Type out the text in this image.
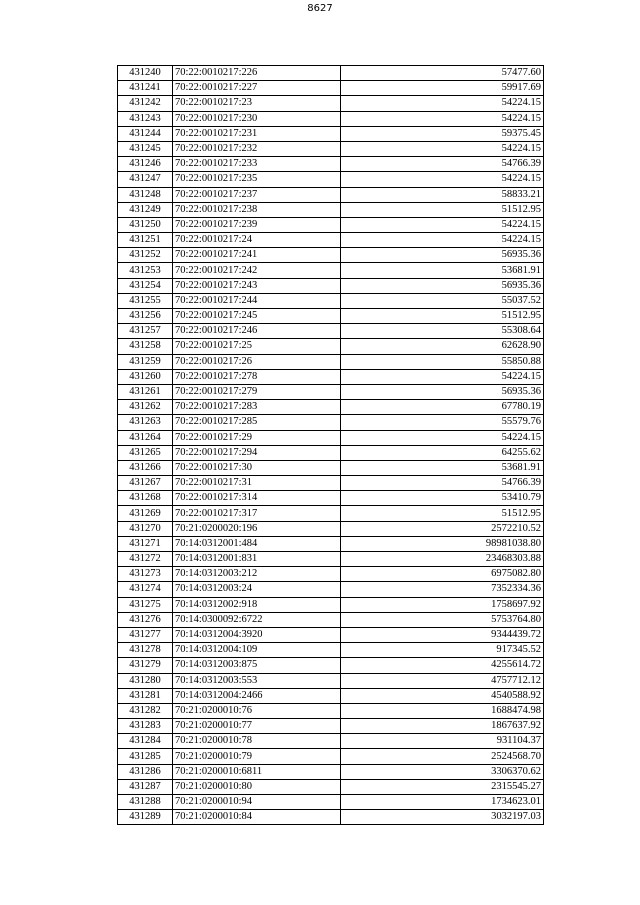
8627
431240	70:22:0010217:226	57477.60
431241	70:22:0010217:227	59917.69
431242	70:22:0010217:23	54224.15
431243	70:22:0010217:230	54224.15
431244	70:22:0010217:231	59375.45
431245	70:22:0010217:232	54224.15
431246	70:22:0010217:233	54766.39
431247	70:22:0010217:235	54224.15
431248	70:22:0010217:237	58833.21
431249	70:22:0010217:238	51512.95
431250	70:22:0010217:239	54224.15
431251	70:22:0010217:24	54224.15
431252	70:22:0010217:241	56935.36
431253	70:22:0010217:242	53681.91
431254	70:22:0010217:243	56935.36
431255	70:22:0010217:244	55037.52
431256	70:22:0010217:245	51512.95
431257	70:22:0010217:246	55308.64
431258	70:22:0010217:25	62628.90
431259	70:22:0010217:26	55850.88
431260	70:22:0010217:278	54224.15
431261	70:22:0010217:279	56935.36
431262	70:22:0010217:283	67780.19
431263	70:22:0010217:285	55579.76
431264	70:22:0010217:29	54224.15
431265	70:22:0010217:294	64255.62
431266	70:22:0010217:30	53681.91
431267	70:22:0010217:31	54766.39
431268	70:22:0010217:314	53410.79
431269	70:22:0010217:317	51512.95
431270	70:21:0200020:196	2572210.52
431271	70:14:0312001:484	98981038.80
431272	70:14:0312001:831	23468303.88
431273	70:14:0312003:212	6975082.80
431274	70:14:0312003:24	7352334.36
431275	70:14:0312002:918	1758697.92
431276	70:14:0300092:6722	5753764.80
431277	70:14:0312004:3920	9344439.72
431278	70:14:0312004:109	917345.52
431279	70:14:0312003:875	4255614.72
431280	70:14:0312003:553	4757712.12
431281	70:14:0312004:2466	4540588.92
431282	70:21:0200010:76	1688474.98
431283	70:21:0200010:77	1867637.92
431284	70:21:0200010:78	931104.37
431285	70:21:0200010:79	2524568.70
431286	70:21:0200010:6811	3306370.62
431287	70:21:0200010:80	2315545.27
431288	70:21:0200010:94	1734623.01
431289	70:21:0200010:84	3032197.03
